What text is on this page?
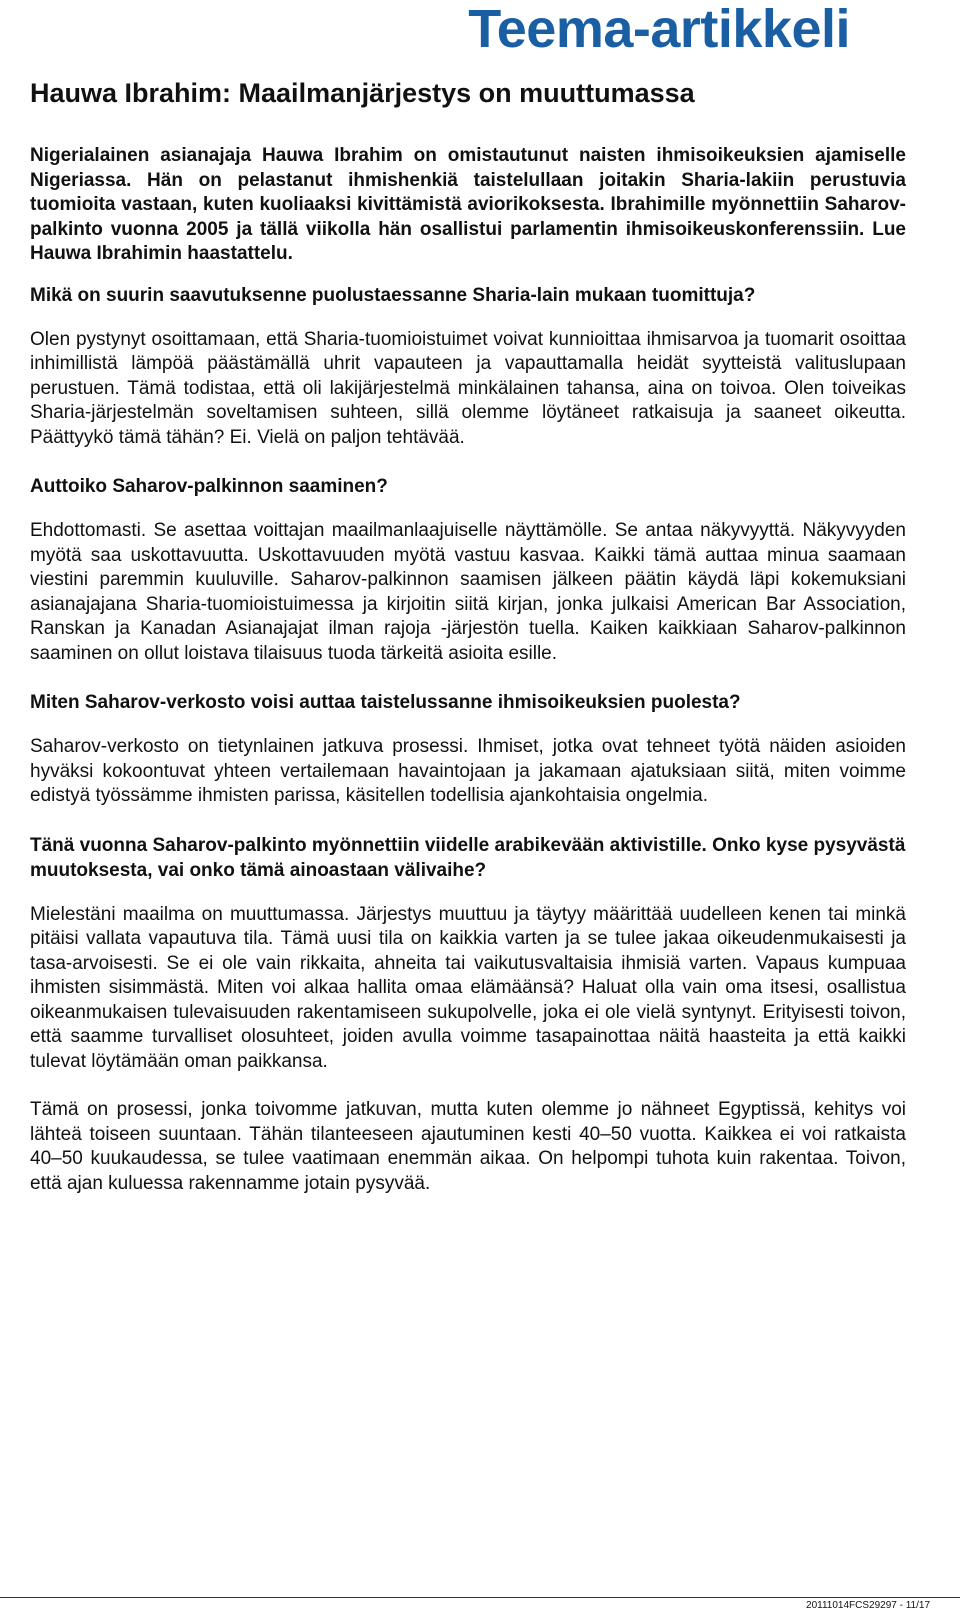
Teema-artikkeli
Hauwa Ibrahim: Maailmanjärjestys on muuttumassa

Nigerialainen asianajaja Hauwa Ibrahim on omistautunut naisten ihmisoikeuksien ajamiselle Nigeriassa. Hän on pelastanut ihmishenkiä taistelullaan joitakin Sharia-lakiin perustuvia tuomioita vastaan, kuten kuoliaaksi kivittämistä aviorikoksesta. Ibrahimille myönnettiin Saharov-palkinto vuonna 2005 ja tällä viikolla hän osallistui parlamentin ihmisoikeuskonferenssiin. Lue Hauwa Ibrahimin haastattelu.

Mikä on suurin saavutuksenne puolustaessanne Sharia-lain mukaan tuomittuja?

Olen pystynyt osoittamaan, että Sharia-tuomioistuimet voivat kunnioittaa ihmisarvoa ja tuomarit osoittaa inhimillistä lämpöä päästämällä uhrit vapauteen ja vapauttamalla heidät syytteistä valituslupaan perustuen. Tämä todistaa, että oli lakijärjestelmä minkälainen tahansa, aina on toivoa. Olen toiveikas Sharia-järjestelmän soveltamisen suhteen, sillä olemme löytäneet ratkaisuja ja saaneet oikeutta. Päättyykö tämä tähän? Ei. Vielä on paljon tehtävää.

Auttoiko Saharov-palkinnon saaminen?

Ehdottomasti. Se asettaa voittajan maailmanlaajuiselle näyttämölle. Se antaa näkyvyyttä. Näkyvyyden myötä saa uskottavuutta. Uskottavuuden myötä vastuu kasvaa. Kaikki tämä auttaa minua saamaan viestini paremmin kuuluville. Saharov-palkinnon saamisen jälkeen päätin käydä läpi kokemuksiani asianajajana Sharia-tuomioistuimessa ja kirjoitin siitä kirjan, jonka julkaisi American Bar Association, Ranskan ja Kanadan Asianajajat ilman rajoja -järjestön tuella. Kaiken kaikkiaan Saharov-palkinnon saaminen on ollut loistava tilaisuus tuoda tärkeitä asioita esille.

Miten Saharov-verkosto voisi auttaa taistelussanne ihmisoikeuksien puolesta?

Saharov-verkosto on tietynlainen jatkuva prosessi. Ihmiset, jotka ovat tehneet työtä näiden asioiden hyväksi kokoontuvat yhteen vertailemaan havaintojaan ja jakamaan ajatuksiaan siitä, miten voimme edistyä työssämme ihmisten parissa, käsitellen todellisia ajankohtaisia ongelmia.

Tänä vuonna Saharov-palkinto myönnettiin viidelle arabikevään aktivistille. Onko kyse pysyvästä muutoksesta, vai onko tämä ainoastaan välivaihe?

Mielestäni maailma on muuttumassa. Järjestys muuttuu ja täytyy määrittää uudelleen kenen tai minkä pitäisi vallata vapautuva tila. Tämä uusi tila on kaikkia varten ja se tulee jakaa oikeudenmukaisesti ja tasa-arvoisesti. Se ei ole vain rikkaita, ahneita tai vaikutusvaltaisia ihmisiä varten. Vapaus kumpuaa ihmisten sisimmästä. Miten voi alkaa hallita omaa elämäänsä? Haluat olla vain oma itsesi, osallistua oikeanmukaisen tulevaisuuden rakentamiseen sukupolvelle, joka ei ole vielä syntynyt. Erityisesti toivon, että saamme turvalliset olosuhteet, joiden avulla voimme tasapainottaa näitä haasteita ja että kaikki tulevat löytämään oman paikkansa.

Tämä on prosessi, jonka toivomme jatkuvan, mutta kuten olemme jo nähneet Egyptissä, kehitys voi lähteä toiseen suuntaan. Tähän tilanteeseen ajautuminen kesti 40–50 vuotta. Kaikkea ei voi ratkaista 40–50 kuukaudessa, se tulee vaatimaan enemmän aikaa. On helpompi tuhota kuin rakentaa. Toivon, että ajan kuluessa rakennamme jotain pysyvää.

20111014FCS29297 - 11/17
